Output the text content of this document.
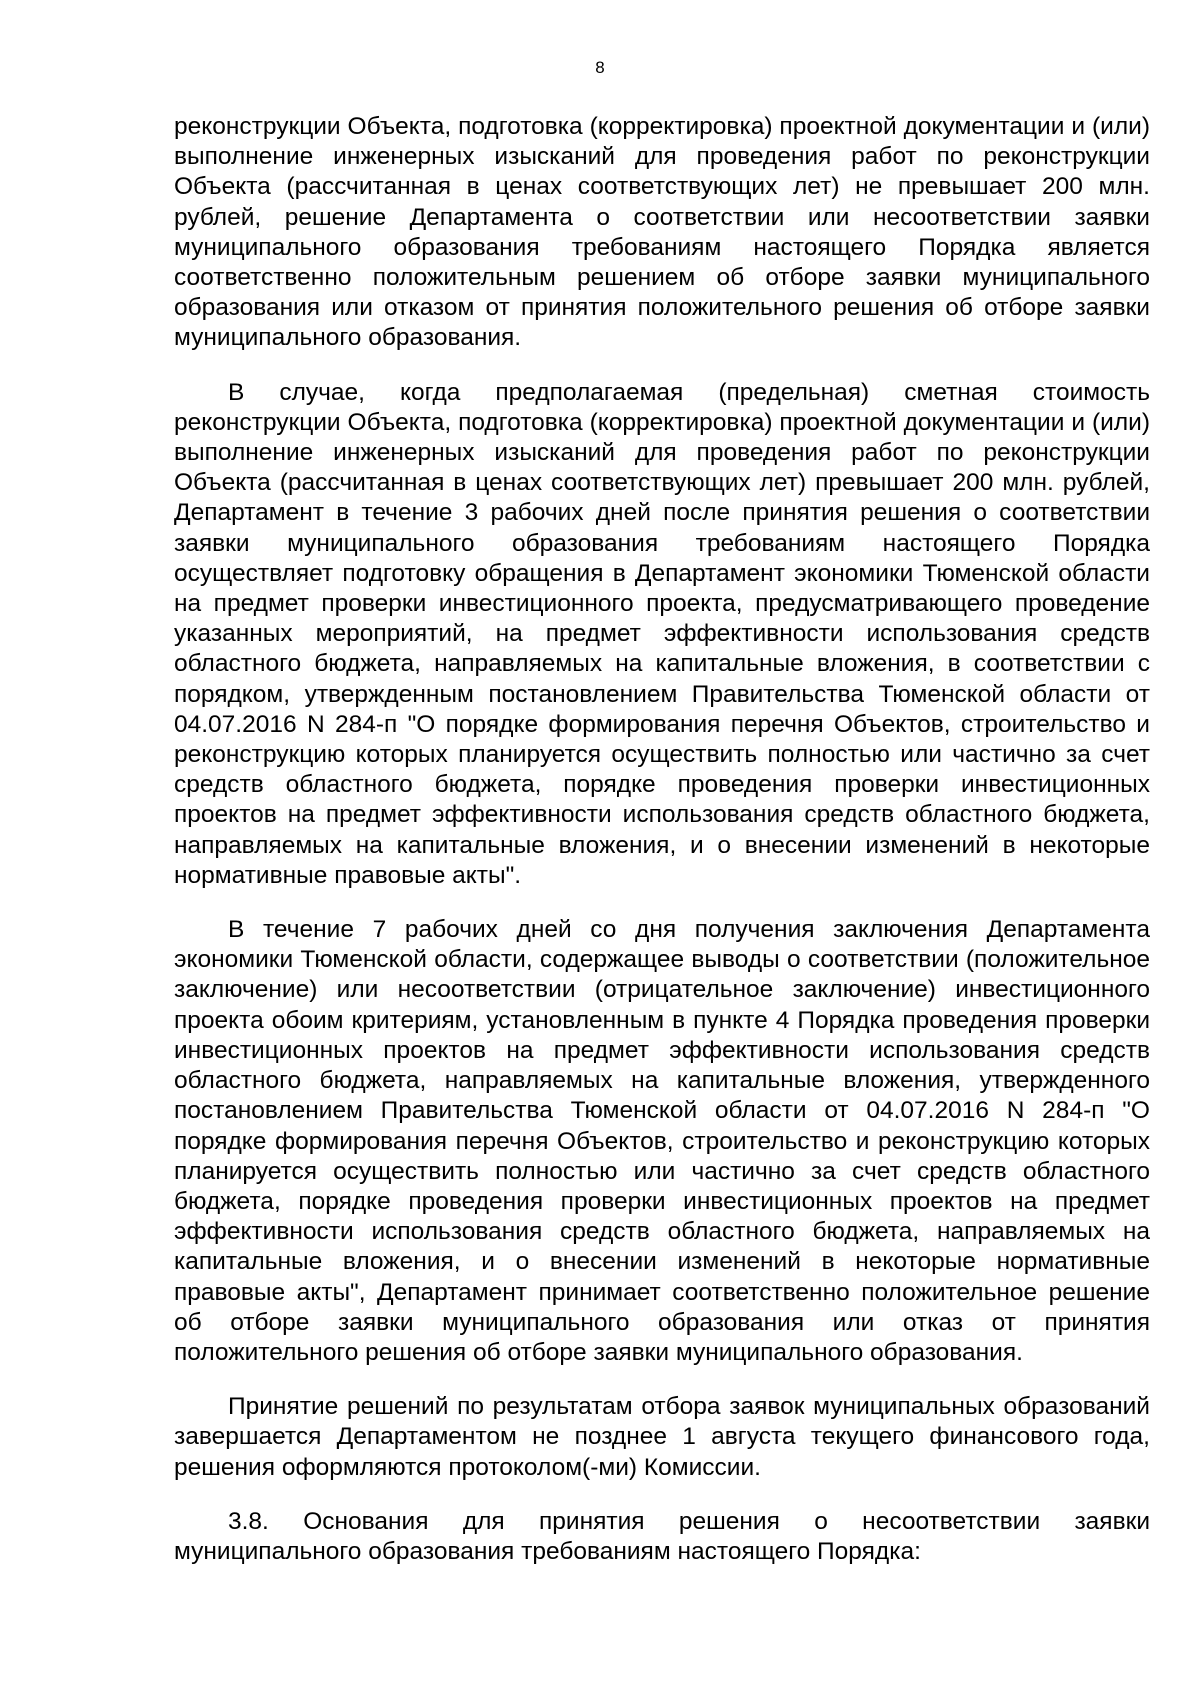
8

реконструкции Объекта, подготовка (корректировка) проектной документации и (или) выполнение инженерных изысканий для проведения работ по реконструкции Объекта (рассчитанная в ценах соответствующих лет) не превышает 200 млн. рублей, решение Департамента о соответствии или несоответствии заявки муниципального образования требованиям настоящего Порядка является соответственно положительным решением об отборе заявки муниципального образования или отказом от принятия положительного решения об отборе заявки муниципального образования.

В случае, когда предполагаемая (предельная) сметная стоимость реконструкции Объекта, подготовка (корректировка) проектной документации и (или) выполнение инженерных изысканий для проведения работ по реконструкции Объекта (рассчитанная в ценах соответствующих лет) превышает 200 млн. рублей, Департамент в течение 3 рабочих дней после принятия решения о соответствии заявки муниципального образования требованиям настоящего Порядка осуществляет подготовку обращения в Департамент экономики Тюменской области на предмет проверки инвестиционного проекта, предусматривающего проведение указанных мероприятий, на предмет эффективности использования средств областного бюджета, направляемых на капитальные вложения, в соответствии с порядком, утвержденным постановлением Правительства Тюменской области от 04.07.2016 N 284-п "О порядке формирования перечня Объектов, строительство и реконструкцию которых планируется осуществить полностью или частично за счет средств областного бюджета, порядке проведения проверки инвестиционных проектов на предмет эффективности использования средств областного бюджета, направляемых на капитальные вложения, и о внесении изменений в некоторые нормативные правовые акты".

В течение 7 рабочих дней со дня получения заключения Департамента экономики Тюменской области, содержащее выводы о соответствии (положительное заключение) или несоответствии (отрицательное заключение) инвестиционного проекта обоим критериям, установленным в пункте 4 Порядка проведения проверки инвестиционных проектов на предмет эффективности использования средств областного бюджета, направляемых на капитальные вложения, утвержденного постановлением Правительства Тюменской области от 04.07.2016 N 284-п "О порядке формирования перечня Объектов, строительство и реконструкцию которых планируется осуществить полностью или частично за счет средств областного бюджета, порядке проведения проверки инвестиционных проектов на предмет эффективности использования средств областного бюджета, направляемых на капитальные вложения, и о внесении изменений в некоторые нормативные правовые акты", Департамент принимает соответственно положительное решение об отборе заявки муниципального образования или отказ от принятия положительного решения об отборе заявки муниципального образования.

Принятие решений по результатам отбора заявок муниципальных образований завершается Департаментом не позднее 1 августа текущего финансового года, решения оформляются протоколом(-ми) Комиссии.

3.8. Основания для принятия решения о несоответствии заявки муниципального образования требованиям настоящего Порядка:
